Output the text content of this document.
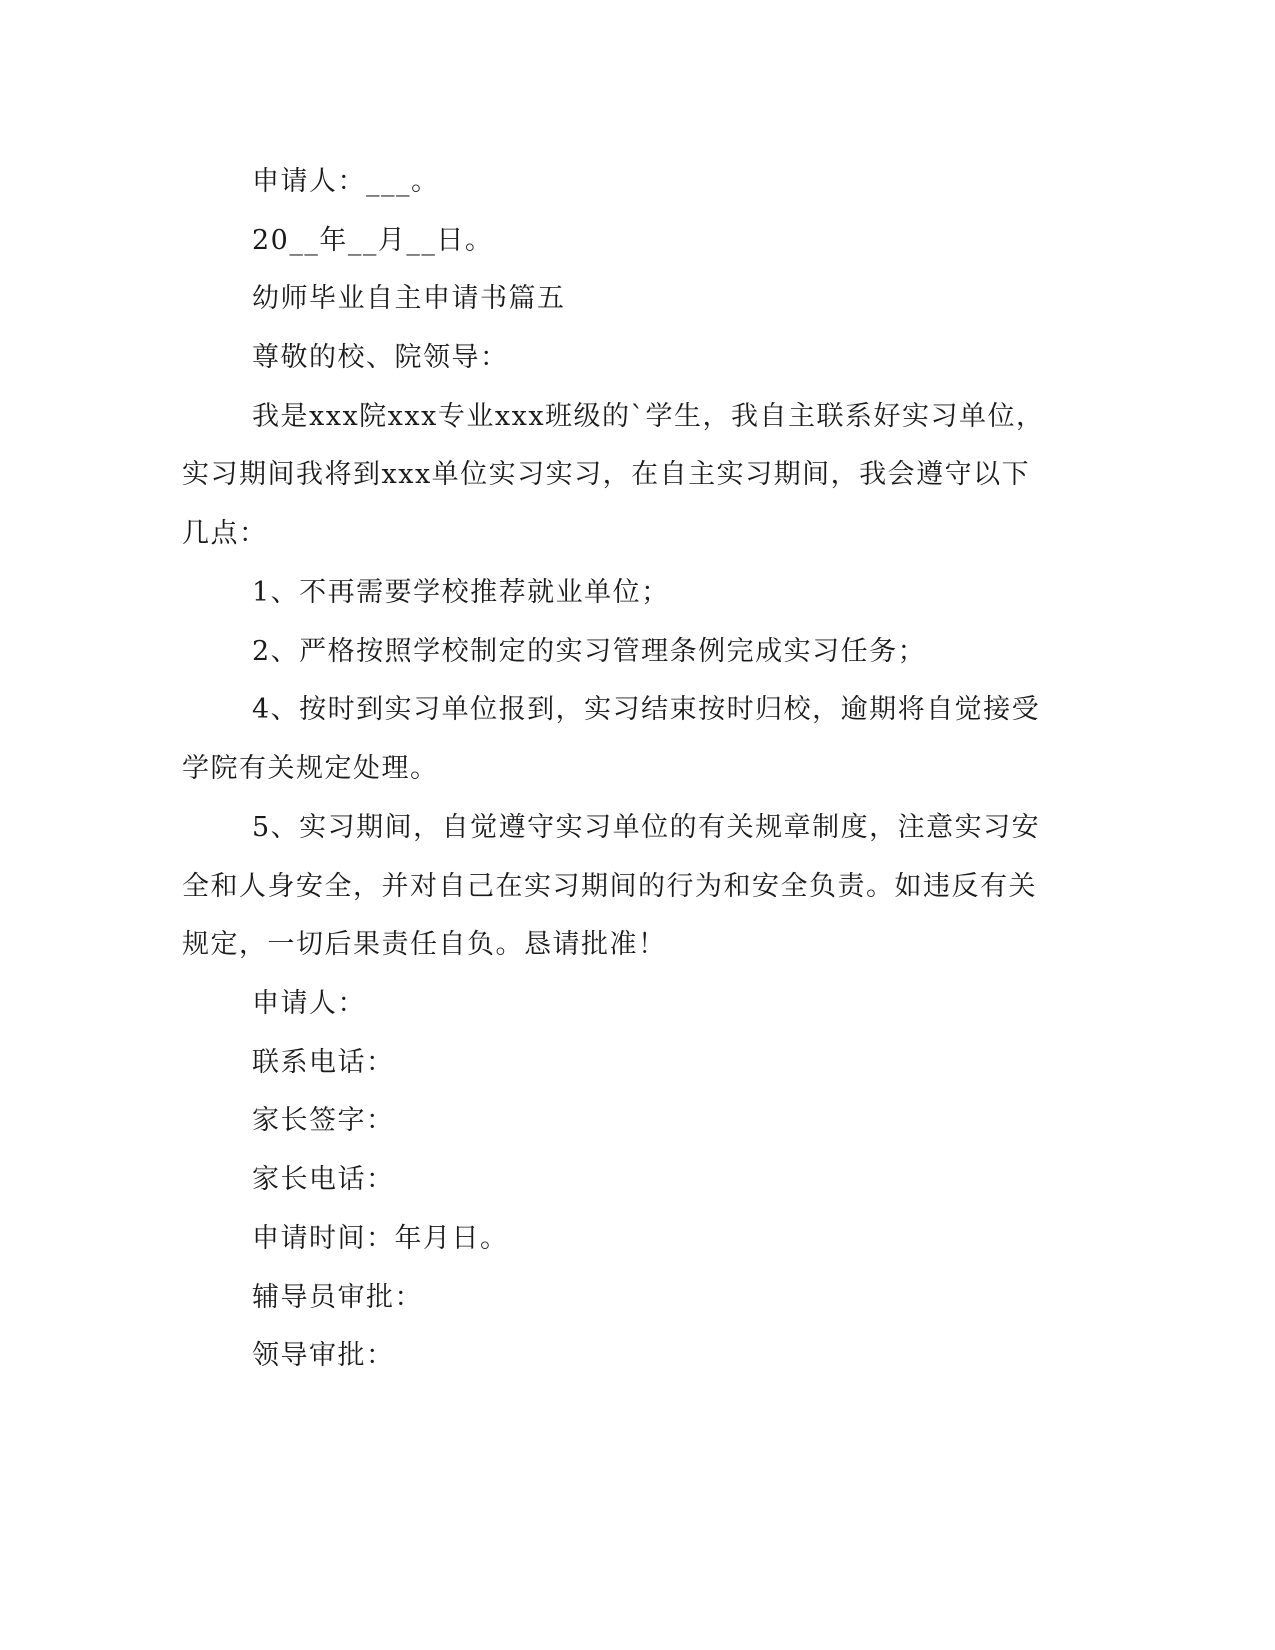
申请人：___。
20__年__月__日。
幼师毕业自主申请书篇五
尊敬的校、院领导：
我是xxx院xxx专业xxx班级的`学生，我自主联系好实习单位，
实习期间我将到xxx单位实习实习，在自主实习期间，我会遵守以下
几点：
1、不再需要学校推荐就业单位；
2、严格按照学校制定的实习管理条例完成实习任务；
4、按时到实习单位报到，实习结束按时归校，逾期将自觉接受
学院有关规定处理。
5、实习期间，自觉遵守实习单位的有关规章制度，注意实习安
全和人身安全，并对自己在实习期间的行为和安全负责。如违反有关
规定，一切后果责任自负。恳请批准！
申请人：
联系电话：
家长签字：
家长电话：
申请时间：年月日。
辅导员审批：
领导审批：
